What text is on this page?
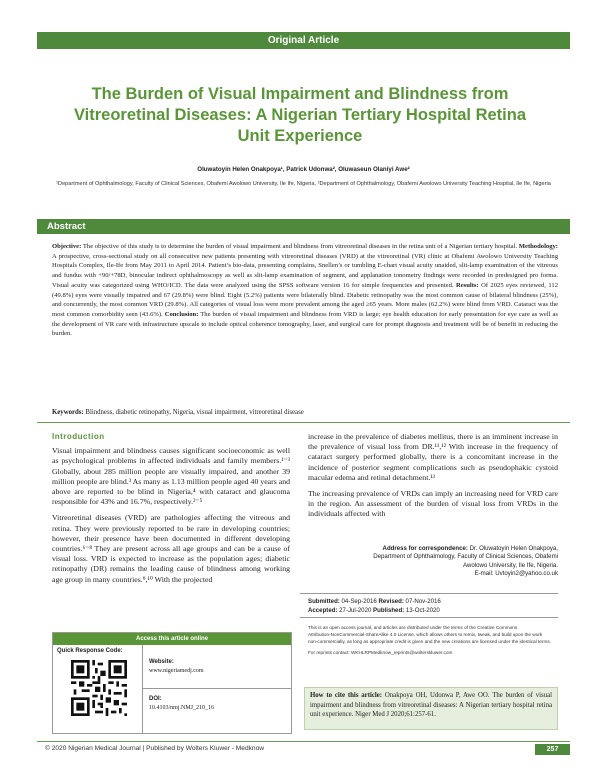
Original Article
The Burden of Visual Impairment and Blindness from Vitreoretinal Diseases: A Nigerian Tertiary Hospital Retina Unit Experience
Oluwatoyin Helen Onakpoya¹, Patrick Udonwa², Oluwaseun Olaniyi Awe²
¹Department of Ophthalmology, Faculty of Clinical Sciences, Obafemi Awolowo University, Ile Ife, Nigeria, ²Department of Ophthalmology, Obafemi Awolowo University Teaching Hospital, Ile Ife, Nigeria
Abstract
Objective: The objective of this study is to determine the burden of visual impairment and blindness from vitreoretinal diseases in the retina unit of a Nigerian tertiary hospital. Methodology: A prospective, cross‑sectional study on all consecutive new patients presenting with vitreoretinal diseases (VRD) at the vitreoretinal (VR) clinic at Obafemi Awolowo University Teaching Hospitals Complex, Ile‑Ife from May 2011 to April 2014. Patient’s bio‑data, presenting complains, Snellen’s or tumbling E‑chart visual acuity unaided, slit‑lamp examination of the vitreous and fundus with +90/+78D, binocular indirect ophthalmoscopy as well as slit‑lamp examination of segment, and applanation tonometry findings were recorded in predesigned pro forma. Visual acuity was categorized using WHO/ICD. The data were analyzed using the SPSS software version 16 for simple frequencies and presented. Results: Of 2025 eyes reviewed, 112 (49.8%) eyes were visually impaired and 67 (29.8%) were blind. Eight (5.2%) patients were bilaterally blind. Diabetic retinopathy was the most common cause of bilateral blindness (25%), and concurrently, the most common VRD (29.8%). All categories of visual loss were more prevalent among the aged ≥65 years. More males (62.2%) were blind from VRD. Cataract was the most common comorbidity seen (43.6%). Conclusion: The burden of visual impairment and blindness from VRD is large; eye health education for early presentation for eye care as well as the development of VR care with infrastructure upscale to include optical coherence tomography, laser, and surgical care for prompt diagnosis and treatment will be of benefit in reducing the burden.
Keywords: Blindness, diabetic retinopathy, Nigeria, visual impairment, vitreoretinal disease
Introduction

Visual impairment and blindness causes significant socioeconomic as well as psychological problems in affected individuals and family members.¹⁻³ Globally, about 285 million people are visually impaired, and another 39 million people are blind.³ As many as 1.13 million people aged 40 years and above are reported to be blind in Nigeria,⁴ with cataract and glaucoma responsible for 43% and 16.7%, respectively.²⁻⁵

Vitreoretinal diseases (VRD) are pathologies affecting the vitreous and retina. They were previously reported to be rare in developing countries; however, their presence have been documented in different developing countries.⁶⁻⁸ They are present across all age groups and can be a cause of visual loss. VRD is expected to increase as the population ages; diabetic retinopathy (DR) remains the leading cause of blindness among working age group in many countries.⁹,¹⁰ With the projected

increase in the prevalence of diabetes mellitus, there is an imminent increase in the prevalence of visual loss from DR.¹¹,¹² With increase in the frequency of cataract surgery performed globally, there is a concomitant increase in the incidence of posterior segment complications such as pseudophakic cystoid macular edema and retinal detachment.¹³

The increasing prevalence of VRDs can imply an increasing need for VRD care in the region. An assessment of the burden of visual loss from VRDs in the individuals affected with

Address for correspondence: Dr. Oluwatoyin Helen Onakpoya,
Department of Ophthalmology, Faculty of Clinical Sciences, Obafemi
Awolowo University, Ile Ife, Nigeria.
E‑mail: Uvtoyin2@yahoo.co.uk
Submitted: 04‑Sep‑2016 Revised: 07‑Nov‑2016
Accepted: 27‑Jul‑2020 Published: 13‑Oct‑2020
This is an open access journal, and articles are distributed under the terms of the Creative Commons Attribution‑NonCommercial‑ShareAlike 4.0 License, which allows others to remix, tweak, and build upon the work non‑commercially, as long as appropriate credit is given and the new creations are licensed under the identical terms.
For reprints contact: WKHLRPMedknow_reprints@wolterskluwer.com
Access this article online
Quick Response Code:
Website:
www.nigeriamedj.com
DOI:
10.4103/nmj.NMJ_210_16
How to cite this article: Onakpoya OH, Udonwa P, Awe OO. The burden of visual impairment and blindness from vitreoretinal diseases: A Nigerian tertiary hospital retina unit experience. Niger Med J 2020;61:257‑61.
© 2020 Nigerian Medical Journal | Published by Wolters Kluwer ‑ Medknow	257
